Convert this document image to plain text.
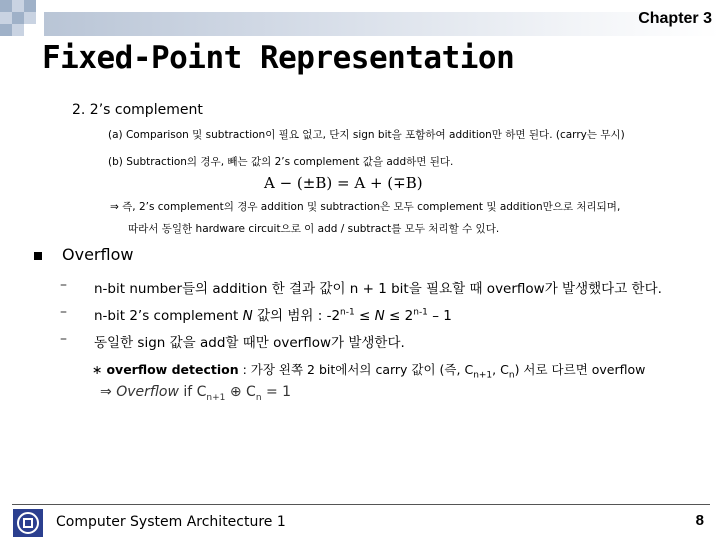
Chapter 3
Fixed-Point Representation
2. 2’s complement
(a) Comparison 및 subtraction이 필요 없고, 단지 sign bit을 포함하여 addition만 하면 된다. (carry는 무시)
(b) Subtraction의 경우, 빼는 값의 2’s complement 값을 add하면 된다.
A − (±B) = A + (∓B)
⇒ 즉, 2’s complement의 경우 addition 및 subtraction은 모두 complement 및 addition만으로 처리되며,
따라서 동일한 hardware circuit으로 이 add / subtract를 모두 처리할 수 있다.
Overflow
– n-bit number들의 addition 한 결과 값이 n + 1 bit을 필요할 때 overflow가 발생했다고 한다.
– n-bit 2’s complement N 값의 범위 : $-2^{n-1} \le N \le 2^{n-1} - 1$
– 동일한 sign 값을 add할 때만 overflow가 발생한다.
∗ overflow detection : 가장 왼쪽 2 bit에서의 carry 값이 (즉, $C_{n+1}$, $C_n$) 서로 다르면 overflow
⇒ Overflow if $C_{n+1}$ ⊕ $C_n = 1$
Computer System Architecture 1	8
